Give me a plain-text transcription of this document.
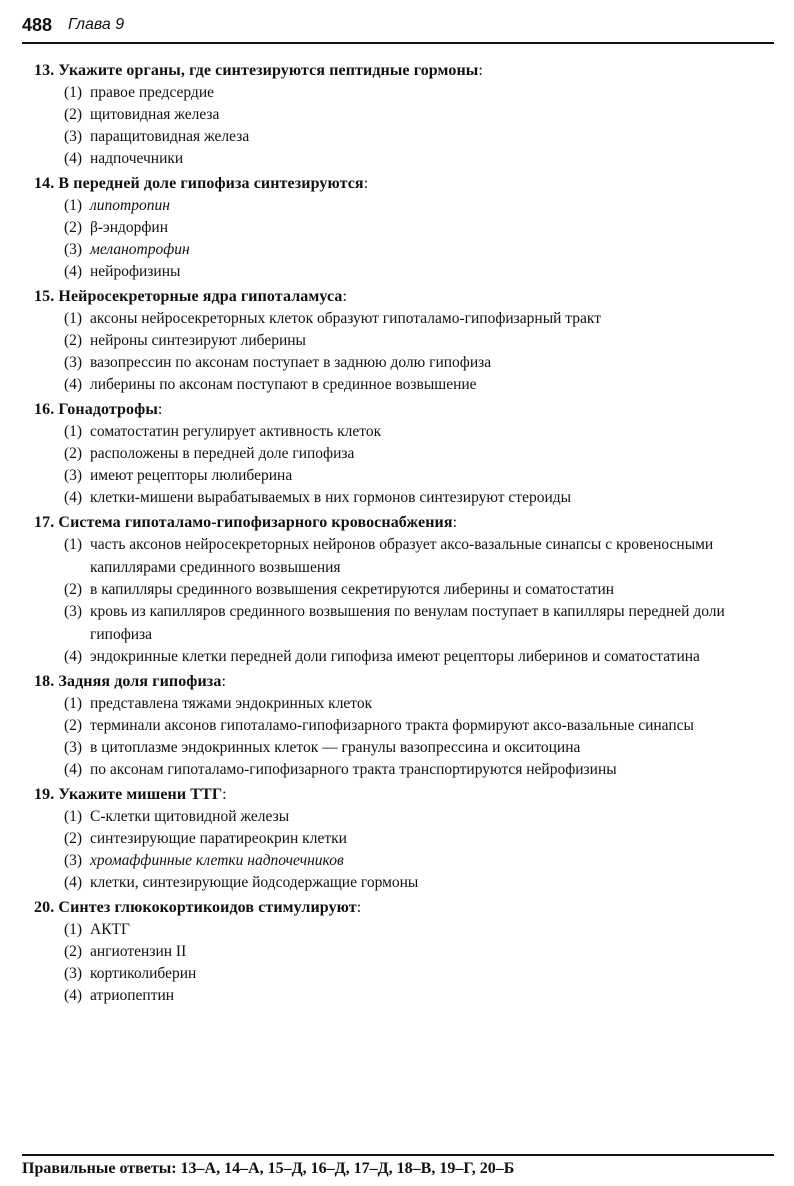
488 Глава 9
13. Укажите органы, где синтезируются пептидные гормоны:
(1) правое предсердие
(2) щитовидная железа
(3) паращитовидная железа
(4) надпочечники
14. В передней доле гипофиза синтезируются:
(1) липотропин
(2) β-эндорфин
(3) меланотрофин
(4) нейрофизины
15. Нейросекреторные ядра гипоталамуса:
(1) аксоны нейросекреторных клеток образуют гипоталамо-гипофизарный тракт
(2) нейроны синтезируют либерины
(3) вазопрессин по аксонам поступает в заднюю долю гипофиза
(4) либерины по аксонам поступают в срединное возвышение
16. Гонадотрофы:
(1) соматостатин регулирует активность клеток
(2) расположены в передней доле гипофиза
(3) имеют рецепторы люлиберина
(4) клетки-мишени вырабатываемых в них гормонов синтезируют стероиды
17. Система гипоталамо-гипофизарного кровоснабжения:
(1) часть аксонов нейросекреторных нейронов образует аксо-вазальные синапсы с кровеносными капиллярами срединного возвышения
(2) в капилляры срединного возвышения секретируются либерины и соматостатин
(3) кровь из капилляров срединного возвышения по венулам поступает в капилляры передней доли гипофиза
(4) эндокринные клетки передней доли гипофиза имеют рецепторы либеринов и соматостатина
18. Задняя доля гипофиза:
(1) представлена тяжами эндокринных клеток
(2) терминали аксонов гипоталамо-гипофизарного тракта формируют аксо-вазальные синапсы
(3) в цитоплазме эндокринных клеток — гранулы вазопрессина и окситоцина
(4) по аксонам гипоталамо-гипофизарного тракта транспортируются нейрофизины
19. Укажите мишени ТТГ:
(1) С-клетки щитовидной железы
(2) синтезирующие паратиреокрин клетки
(3) хромаффинные клетки надпочечников
(4) клетки, синтезирующие йодсодержащие гормоны
20. Синтез глюкокортикоидов стимулируют:
(1) АКТГ
(2) ангиотензин II
(3) кортиколиберин
(4) атриопептин
Правильные ответы: 13–А, 14–А, 15–Д, 16–Д, 17–Д, 18–В, 19–Г, 20–Б
